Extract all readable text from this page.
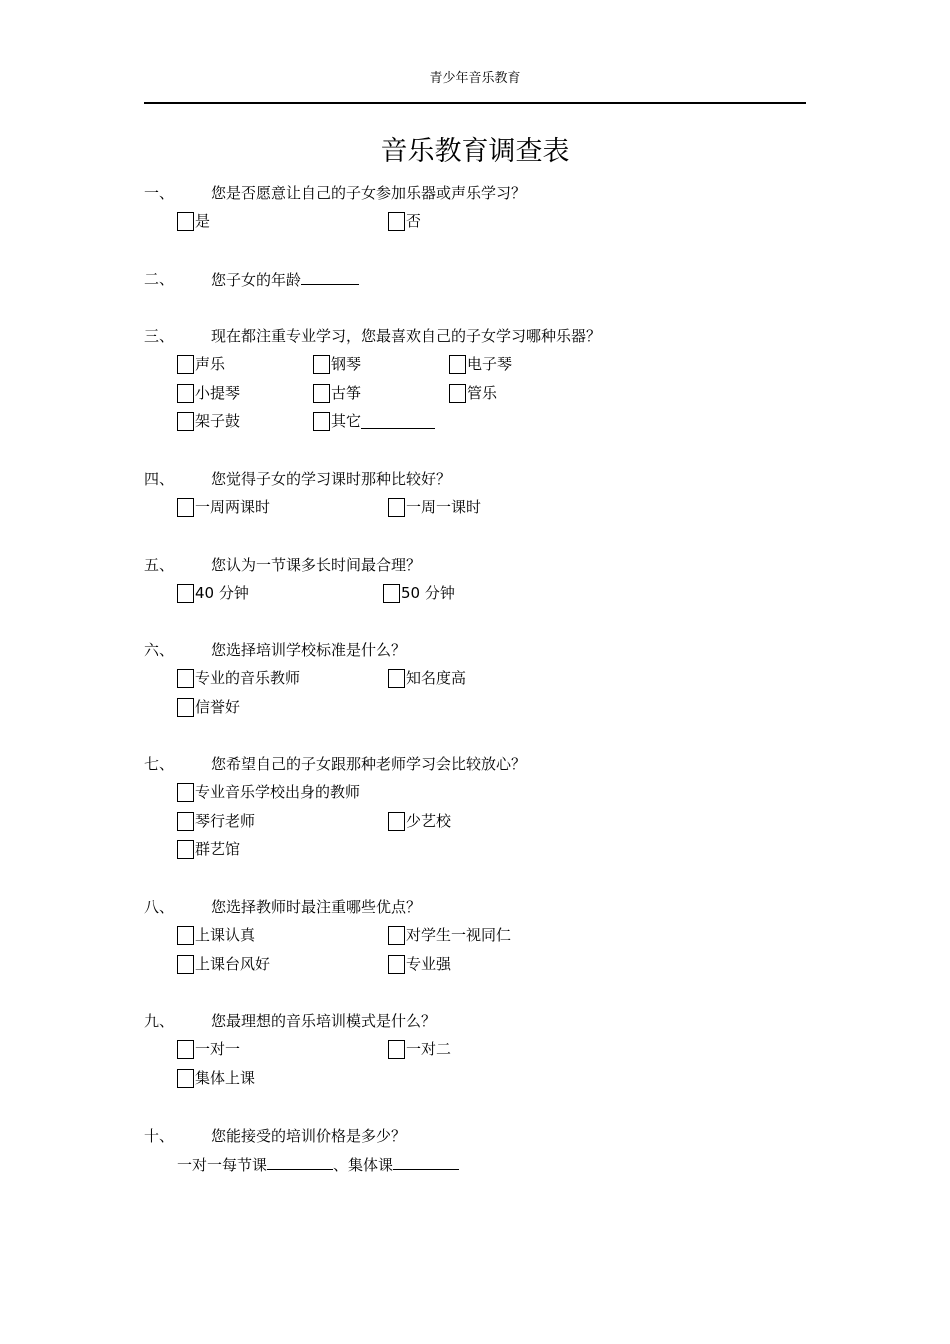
青少年音乐教育
音乐教育调查表
一、 您是否愿意让自己的子女参加乐器或声乐学习？
是	否
二、 您子女的年龄
三、 现在都注重专业学习，您最喜欢自己的子女学习哪种乐器？
声乐	钢琴	电子琴
小提琴	古筝	管乐
架子鼓	其它
四、 您觉得子女的学习课时那种比较好？
一周两课时	一周一课时
五、 您认为一节课多长时间最合理？
40 分钟	50 分钟
六、 您选择培训学校标准是什么？
专业的音乐教师	知名度高
信誉好
七、 您希望自己的子女跟那种老师学习会比较放心？
专业音乐学校出身的教师
琴行老师	少艺校
群艺馆
八、 您选择教师时最注重哪些优点？
上课认真	对学生一视同仁
上课台风好	专业强
九、 您最理想的音乐培训模式是什么？
一对一	一对二
集体上课
十、 您能接受的培训价格是多少？
一对一每节课	、集体课
